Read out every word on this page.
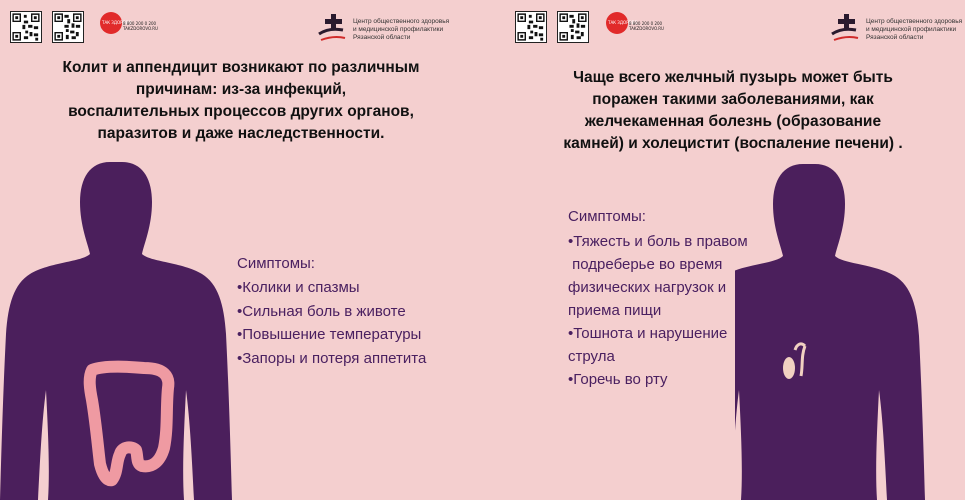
ТАК ЗДОРОВО
8 800 200 0 200
TAKZDOROVO.RU
Центр общественного здоровья
и медицинской профилактики
Рязанской области
Колит и аппендицит возникают по различным
причинам: из-за инфекций,
воспалительных процессов других органов,
паразитов и даже наследственности.
Симптомы:
•Колики и спазмы
•Сильная боль в животе
•Повышение температуры
•Запоры и потеря аппетита
ТАК ЗДОРОВО
8 800 200 0 200
TAKZDOROVO.RU
Центр общественного здоровья
и медицинской профилактики
Рязанской области
Чаще всего желчный пузырь может быть
поражен такими заболеваниями, как
желчекаменная болезнь (образование
камней) и холецистит (воспаление печени) .
Симптомы:
•Тяжесть и боль в правом
подреберье во время
физических нагрузок и
приема пищи
•Тошнота и нарушение
струла
•Горечь во рту
